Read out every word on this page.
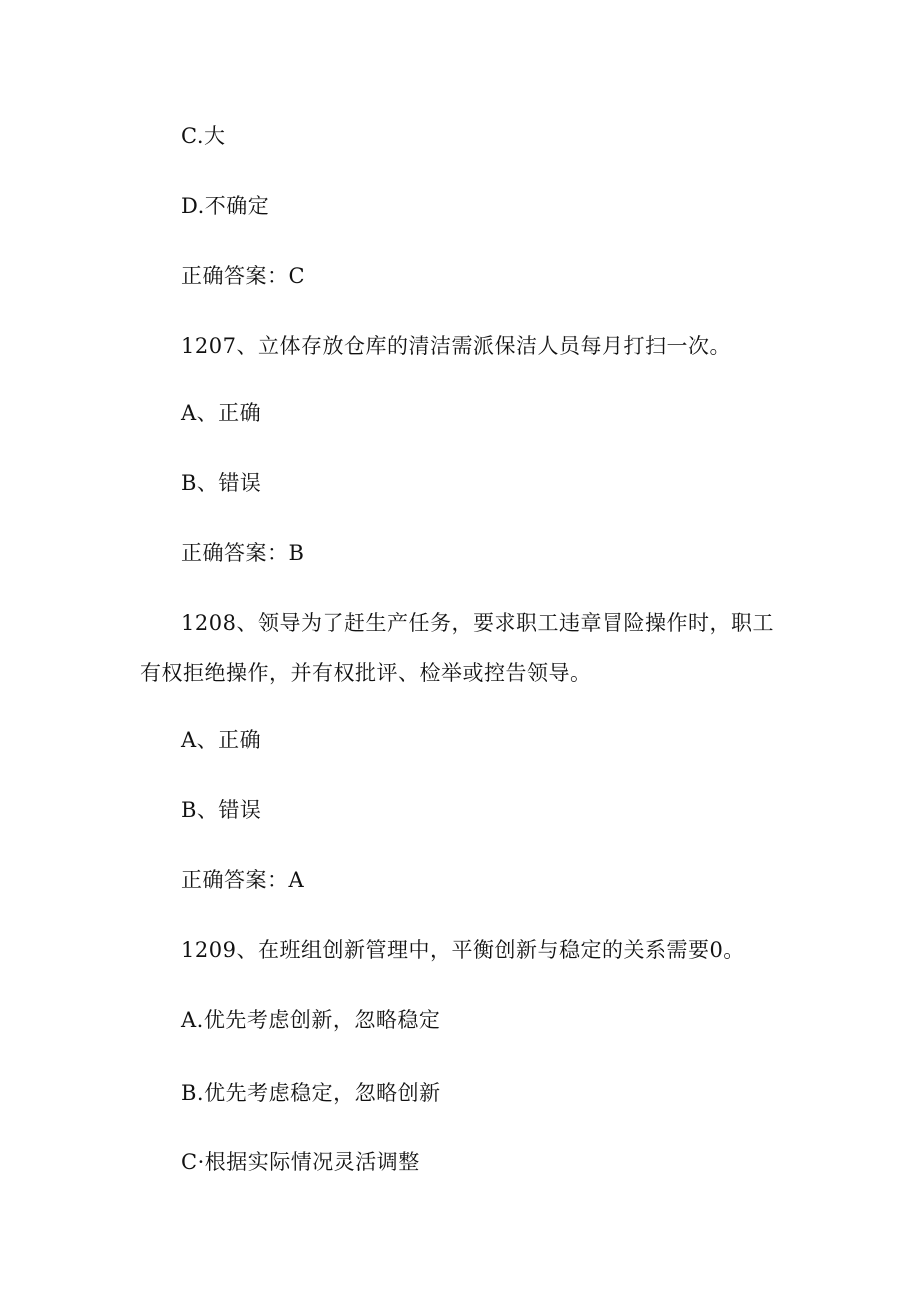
C.大
D.不确定
正确答案：C
1207、立体存放仓库的清洁需派保洁人员每月打扫一次。
A、正确
B、错误
正确答案：B
1208、领导为了赶生产任务，要求职工违章冒险操作时，职工
有权拒绝操作，并有权批评、检举或控告领导。
A、正确
B、错误
正确答案：A
1209、在班组创新管理中，平衡创新与稳定的关系需要0。
A.优先考虑创新，忽略稳定
B.优先考虑稳定，忽略创新
C·根据实际情况灵活调整
